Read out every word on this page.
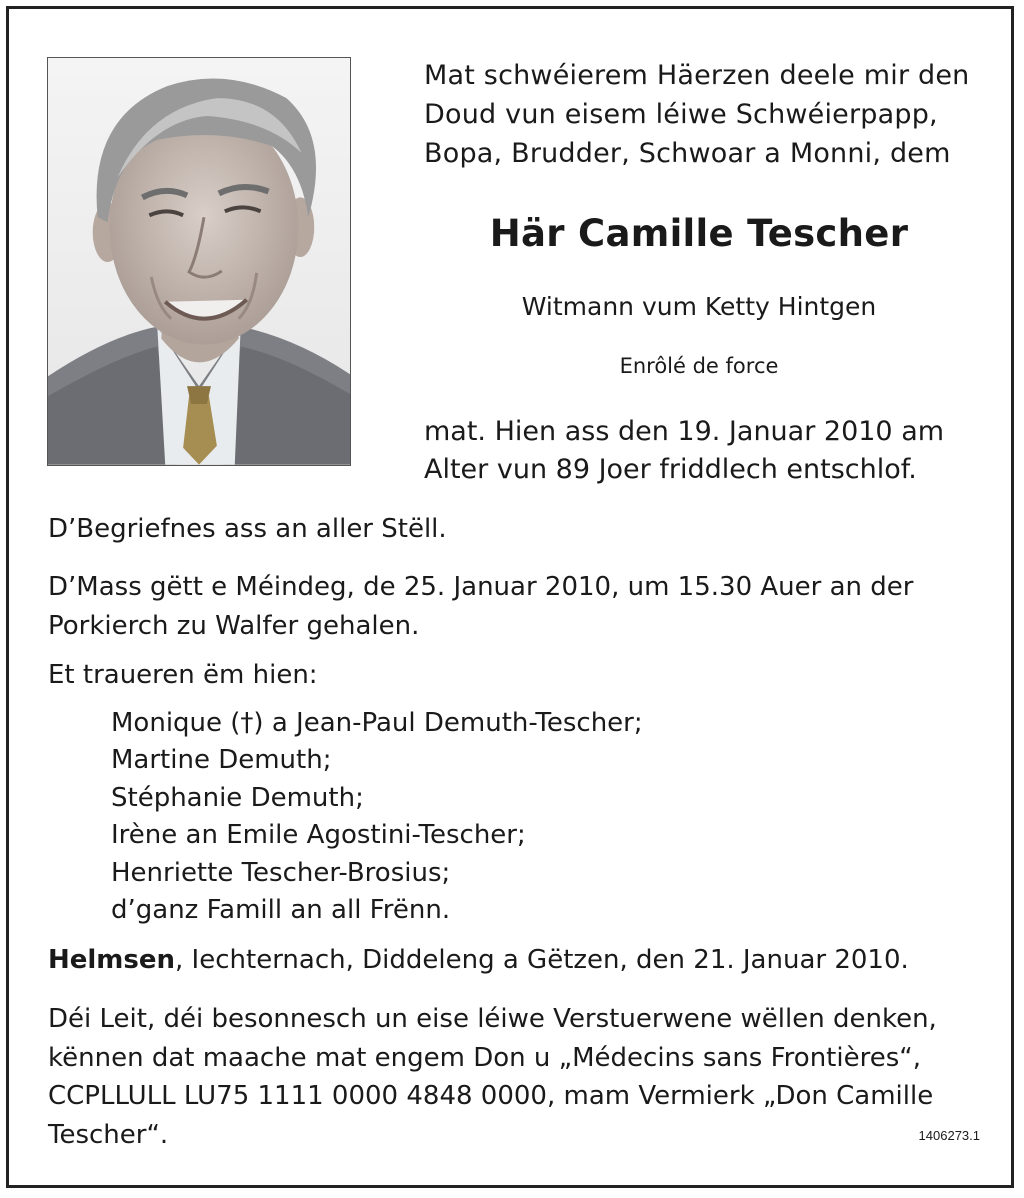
Mat schwéierem Häerzen deele mir den
Doud vun eisem léiwe Schwéierpapp,
Bopa, Brudder, Schwoar a Monni, dem
Här Camille Tescher
Witmann vum Ketty Hintgen
Enrôlé de force
mat. Hien ass den 19. Januar 2010 am
Alter vun 89 Joer friddlech entschlof.
D’Begriefnes ass an aller Stëll.
D’Mass gëtt e Méindeg, de 25. Januar 2010, um 15.30 Auer an der
Porkierch zu Walfer gehalen.
Et traueren ëm hien:
Monique (†) a Jean-Paul Demuth-Tescher;
Martine Demuth;
Stéphanie Demuth;
Irène an Emile Agostini-Tescher;
Henriette Tescher-Brosius;
d’ganz Famill an all Frënn.
Helmsen, Iechternach, Diddeleng a Gëtzen, den 21. Januar 2010.
Déi Leit, déi besonnesch un eise léiwe Verstuerwene wëllen denken,
kënnen dat maache mat engem Don u „Médecins sans Frontières“,
CCPLLULL LU75 1111 0000 4848 0000, mam Vermierk „Don Camille
Tescher“.	1406273.1
